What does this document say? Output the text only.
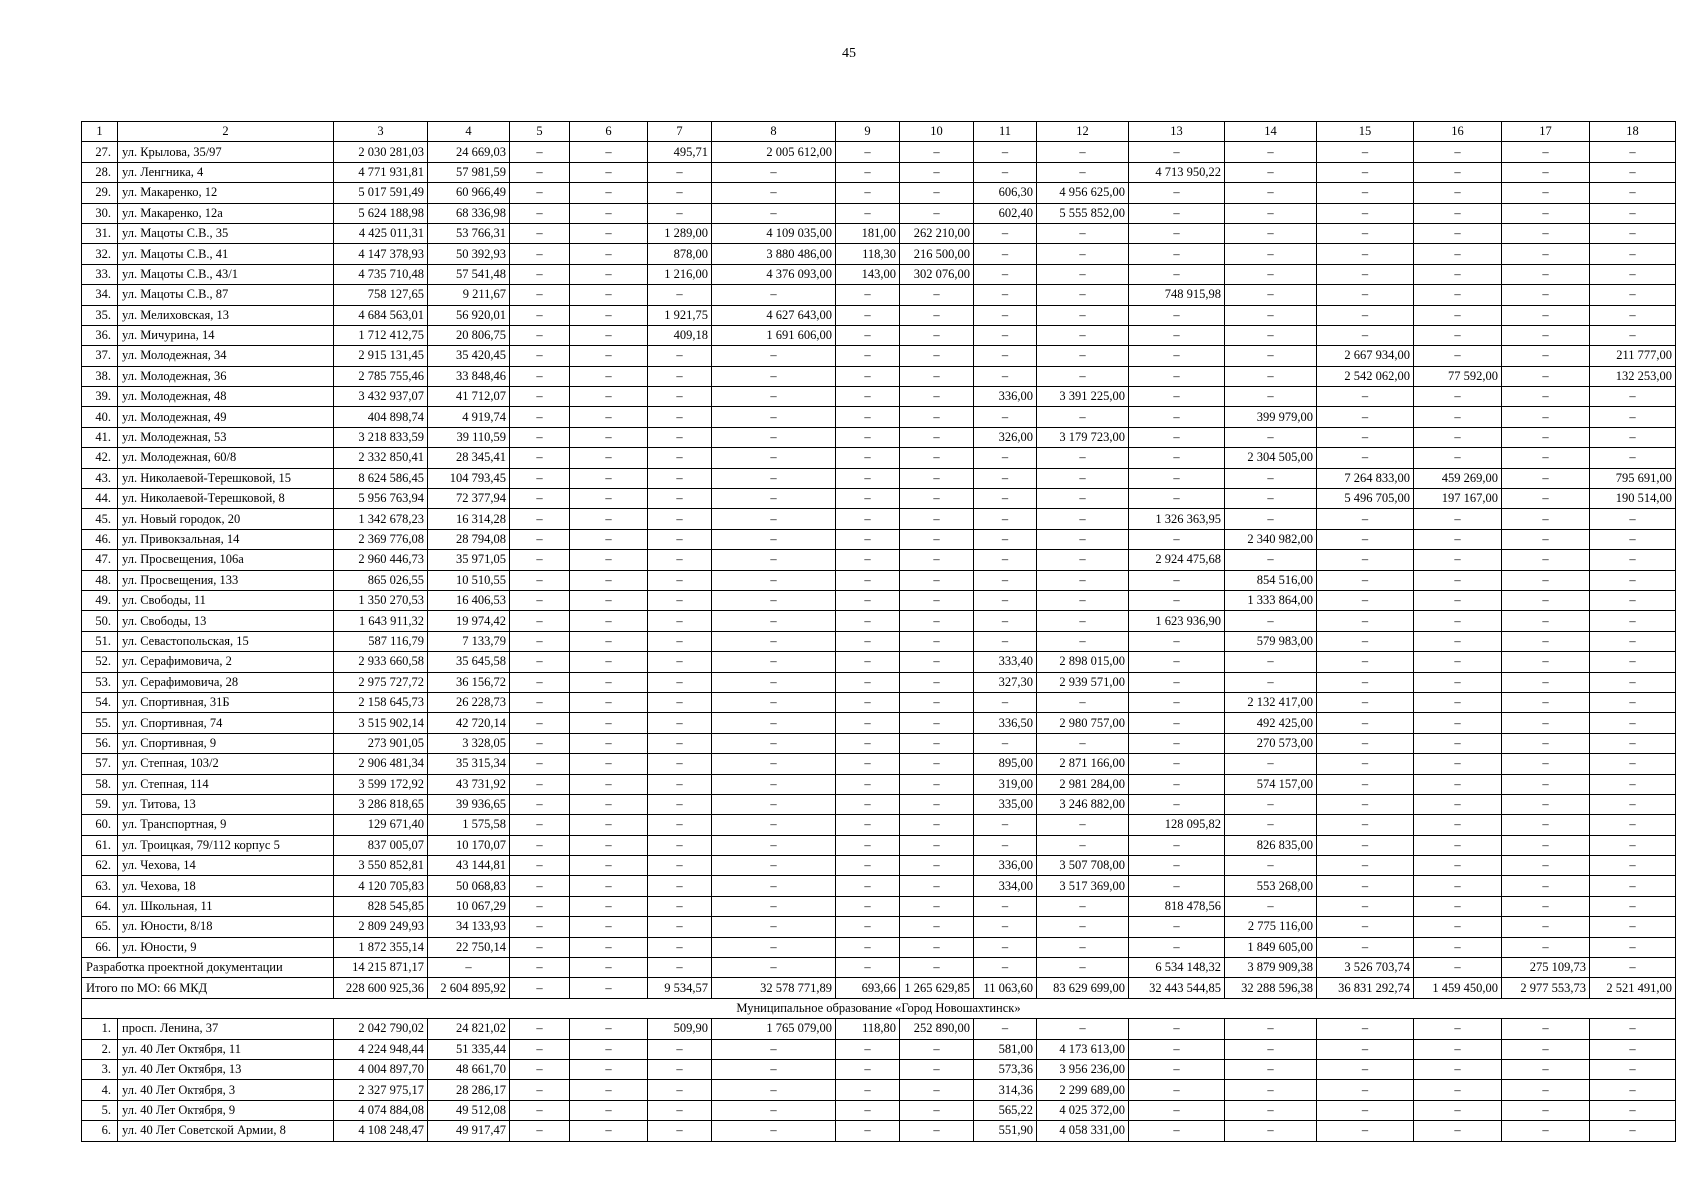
45
1	2	3	4	5	6	7	8	9	10	11	12	13	14	15	16	17	18
27.	ул. Крылова, 35/97	2 030 281,03	24 669,03	–	–	495,71	2 005 612,00	–	–	–	–	–	–	–	–	–	–
28.	ул. Ленгника, 4	4 771 931,81	57 981,59	–	–	–	–	–	–	–	–	4 713 950,22	–	–	–	–	–
29.	ул. Макаренко, 12	5 017 591,49	60 966,49	–	–	–	–	–	–	606,30	4 956 625,00	–	–	–	–	–	–
30.	ул. Макаренко, 12а	5 624 188,98	68 336,98	–	–	–	–	–	–	602,40	5 555 852,00	–	–	–	–	–	–
31.	ул. Мацоты С.В., 35	4 425 011,31	53 766,31	–	–	1 289,00	4 109 035,00	181,00	262 210,00	–	–	–	–	–	–	–	–
32.	ул. Мацоты С.В., 41	4 147 378,93	50 392,93	–	–	878,00	3 880 486,00	118,30	216 500,00	–	–	–	–	–	–	–	–
33.	ул. Мацоты С.В., 43/1	4 735 710,48	57 541,48	–	–	1 216,00	4 376 093,00	143,00	302 076,00	–	–	–	–	–	–	–	–
34.	ул. Мацоты С.В., 87	758 127,65	9 211,67	–	–	–	–	–	–	–	–	748 915,98	–	–	–	–	–
35.	ул. Мелиховская, 13	4 684 563,01	56 920,01	–	–	1 921,75	4 627 643,00	–	–	–	–	–	–	–	–	–	–
36.	ул. Мичурина, 14	1 712 412,75	20 806,75	–	–	409,18	1 691 606,00	–	–	–	–	–	–	–	–	–	–
37.	ул. Молодежная, 34	2 915 131,45	35 420,45	–	–	–	–	–	–	–	–	–	–	2 667 934,00	–	–	211 777,00
38.	ул. Молодежная, 36	2 785 755,46	33 848,46	–	–	–	–	–	–	–	–	–	–	2 542 062,00	77 592,00	–	132 253,00
39.	ул. Молодежная, 48	3 432 937,07	41 712,07	–	–	–	–	–	–	336,00	3 391 225,00	–	–	–	–	–	–
40.	ул. Молодежная, 49	404 898,74	4 919,74	–	–	–	–	–	–	–	–	–	399 979,00	–	–	–	–
41.	ул. Молодежная, 53	3 218 833,59	39 110,59	–	–	–	–	–	–	326,00	3 179 723,00	–	–	–	–	–	–
42.	ул. Молодежная, 60/8	2 332 850,41	28 345,41	–	–	–	–	–	–	–	–	–	2 304 505,00	–	–	–	–
43.	ул. Николаевой-Терешковой, 15	8 624 586,45	104 793,45	–	–	–	–	–	–	–	–	–	–	7 264 833,00	459 269,00	–	795 691,00
44.	ул. Николаевой-Терешковой, 8	5 956 763,94	72 377,94	–	–	–	–	–	–	–	–	–	–	5 496 705,00	197 167,00	–	190 514,00
45.	ул. Новый городок, 20	1 342 678,23	16 314,28	–	–	–	–	–	–	–	–	1 326 363,95	–	–	–	–	–
46.	ул. Привокзальная, 14	2 369 776,08	28 794,08	–	–	–	–	–	–	–	–	–	2 340 982,00	–	–	–	–
47.	ул. Просвещения, 106а	2 960 446,73	35 971,05	–	–	–	–	–	–	–	–	2 924 475,68	–	–	–	–	–
48.	ул. Просвещения, 133	865 026,55	10 510,55	–	–	–	–	–	–	–	–	–	854 516,00	–	–	–	–
49.	ул. Свободы, 11	1 350 270,53	16 406,53	–	–	–	–	–	–	–	–	–	1 333 864,00	–	–	–	–
50.	ул. Свободы, 13	1 643 911,32	19 974,42	–	–	–	–	–	–	–	–	1 623 936,90	–	–	–	–	–
51.	ул. Севастопольская, 15	587 116,79	7 133,79	–	–	–	–	–	–	–	–	–	579 983,00	–	–	–	–
52.	ул. Серафимовича, 2	2 933 660,58	35 645,58	–	–	–	–	–	–	333,40	2 898 015,00	–	–	–	–	–	–
53.	ул. Серафимовича, 28	2 975 727,72	36 156,72	–	–	–	–	–	–	327,30	2 939 571,00	–	–	–	–	–	–
54.	ул. Спортивная, 31Б	2 158 645,73	26 228,73	–	–	–	–	–	–	–	–	–	2 132 417,00	–	–	–	–
55.	ул. Спортивная, 74	3 515 902,14	42 720,14	–	–	–	–	–	–	336,50	2 980 757,00	–	492 425,00	–	–	–	–
56.	ул. Спортивная, 9	273 901,05	3 328,05	–	–	–	–	–	–	–	–	–	270 573,00	–	–	–	–
57.	ул. Степная, 103/2	2 906 481,34	35 315,34	–	–	–	–	–	–	895,00	2 871 166,00	–	–	–	–	–	–
58.	ул. Степная, 114	3 599 172,92	43 731,92	–	–	–	–	–	–	319,00	2 981 284,00	–	574 157,00	–	–	–	–
59.	ул. Титова, 13	3 286 818,65	39 936,65	–	–	–	–	–	–	335,00	3 246 882,00	–	–	–	–	–	–
60.	ул. Транспортная, 9	129 671,40	1 575,58	–	–	–	–	–	–	–	–	128 095,82	–	–	–	–	–
61.	ул. Троицкая, 79/112 корпус 5	837 005,07	10 170,07	–	–	–	–	–	–	–	–	–	826 835,00	–	–	–	–
62.	ул. Чехова, 14	3 550 852,81	43 144,81	–	–	–	–	–	–	336,00	3 507 708,00	–	–	–	–	–	–
63.	ул. Чехова, 18	4 120 705,83	50 068,83	–	–	–	–	–	–	334,00	3 517 369,00	–	553 268,00	–	–	–	–
64.	ул. Школьная, 11	828 545,85	10 067,29	–	–	–	–	–	–	–	–	818 478,56	–	–	–	–	–
65.	ул. Юности, 8/18	2 809 249,93	34 133,93	–	–	–	–	–	–	–	–	–	2 775 116,00	–	–	–	–
66.	ул. Юности, 9	1 872 355,14	22 750,14	–	–	–	–	–	–	–	–	–	1 849 605,00	–	–	–	–
Разработка проектной документации		14 215 871,17	–	–	–	–	–	–	–	–	–	6 534 148,32	3 879 909,38	3 526 703,74	–	275 109,73	–
Итого по МО: 66 МКД		228 600 925,36	2 604 895,92	–	–	9 534,57	32 578 771,89	693,66	1 265 629,85	11 063,60	83 629 699,00	32 443 544,85	32 288 596,38	36 831 292,74	1 459 450,00	2 977 553,73	2 521 491,00
Муниципальное образование «Город Новошахтинск»																	
1.	просп. Ленина, 37	2 042 790,02	24 821,02	–	–	509,90	1 765 079,00	118,80	252 890,00	–	–	–	–	–	–	–	–
2.	ул. 40 Лет Октября, 11	4 224 948,44	51 335,44	–	–	–	–	–	–	581,00	4 173 613,00	–	–	–	–	–	–
3.	ул. 40 Лет Октября, 13	4 004 897,70	48 661,70	–	–	–	–	–	–	573,36	3 956 236,00	–	–	–	–	–	–
4.	ул. 40 Лет Октября, 3	2 327 975,17	28 286,17	–	–	–	–	–	–	314,36	2 299 689,00	–	–	–	–	–	–
5.	ул. 40 Лет Октября, 9	4 074 884,08	49 512,08	–	–	–	–	–	–	565,22	4 025 372,00	–	–	–	–	–	–
6.	ул. 40 Лет Советской Армии, 8	4 108 248,47	49 917,47	–	–	–	–	–	–	551,90	4 058 331,00	–	–	–	–	–	–
